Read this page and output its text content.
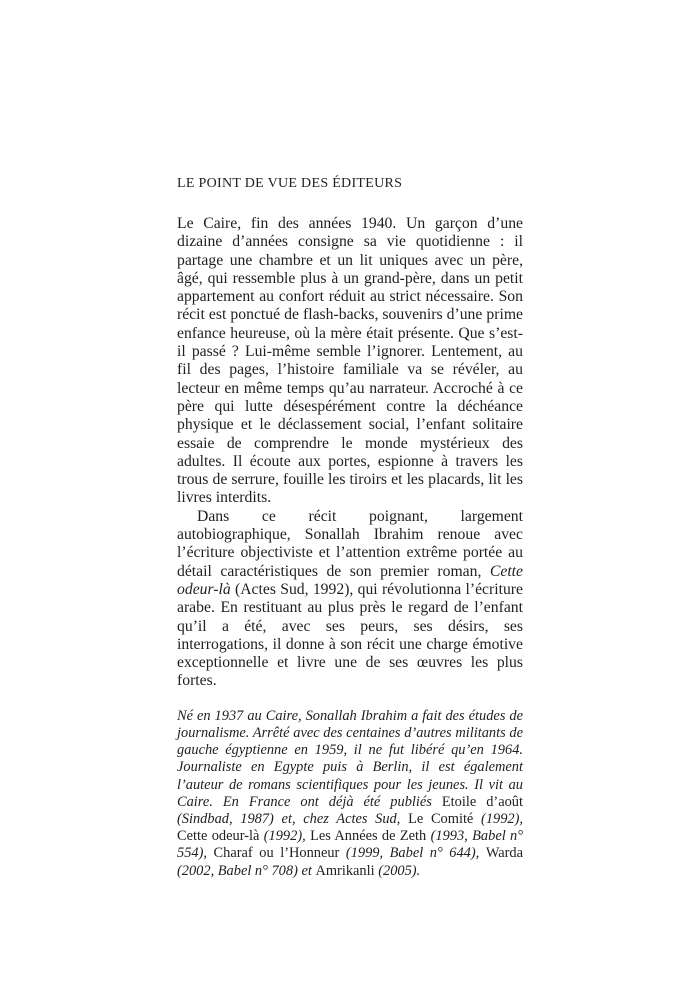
LE POINT DE VUE DES ÉDITEURS

Le Caire, fin des années 1940. Un garçon d’une dizaine d’années consigne sa vie quotidienne : il partage une chambre et un lit uniques avec un père, âgé, qui ressemble plus à un grand-père, dans un petit appartement au confort réduit au strict nécessaire. Son récit est ponctué de flash-backs, souvenirs d’une prime enfance heureuse, où la mère était présente. Que s’est-il passé ? Lui-même semble l’ignorer. Lentement, au fil des pages, l’histoire familiale va se révéler, au lecteur en même temps qu’au narrateur. Accroché à ce père qui lutte désespérément contre la déchéance physique et le déclassement social, l’enfant solitaire essaie de comprendre le monde mystérieux des adultes. Il écoute aux portes, espionne à travers les trous de serrure, fouille les tiroirs et les placards, lit les livres interdits.

Dans ce récit poignant, largement autobiographique, Sonallah Ibrahim renoue avec l’écriture objectiviste et l’attention extrême portée au détail caractéristiques de son premier roman, Cette odeur-là (Actes Sud, 1992), qui révolutionna l’écriture arabe. En restituant au plus près le regard de l’enfant qu’il a été, avec ses peurs, ses désirs, ses interrogations, il donne à son récit une charge émotive exceptionnelle et livre une de ses œuvres les plus fortes.

Né en 1937 au Caire, Sonallah Ibrahim a fait des études de journalisme. Arrêté avec des centaines d’autres militants de gauche égyptienne en 1959, il ne fut libéré qu’en 1964. Journaliste en Egypte puis à Berlin, il est également l’auteur de romans scientifiques pour les jeunes. Il vit au Caire. En France ont déjà été publiés Etoile d’août (Sindbad, 1987) et, chez Actes Sud, Le Comité (1992), Cette odeur-là (1992), Les Années de Zeth (1993, Babel n° 554), Charaf ou l’Honneur (1999, Babel n° 644), Warda (2002, Babel n° 708) et Amrikanli (2005).
